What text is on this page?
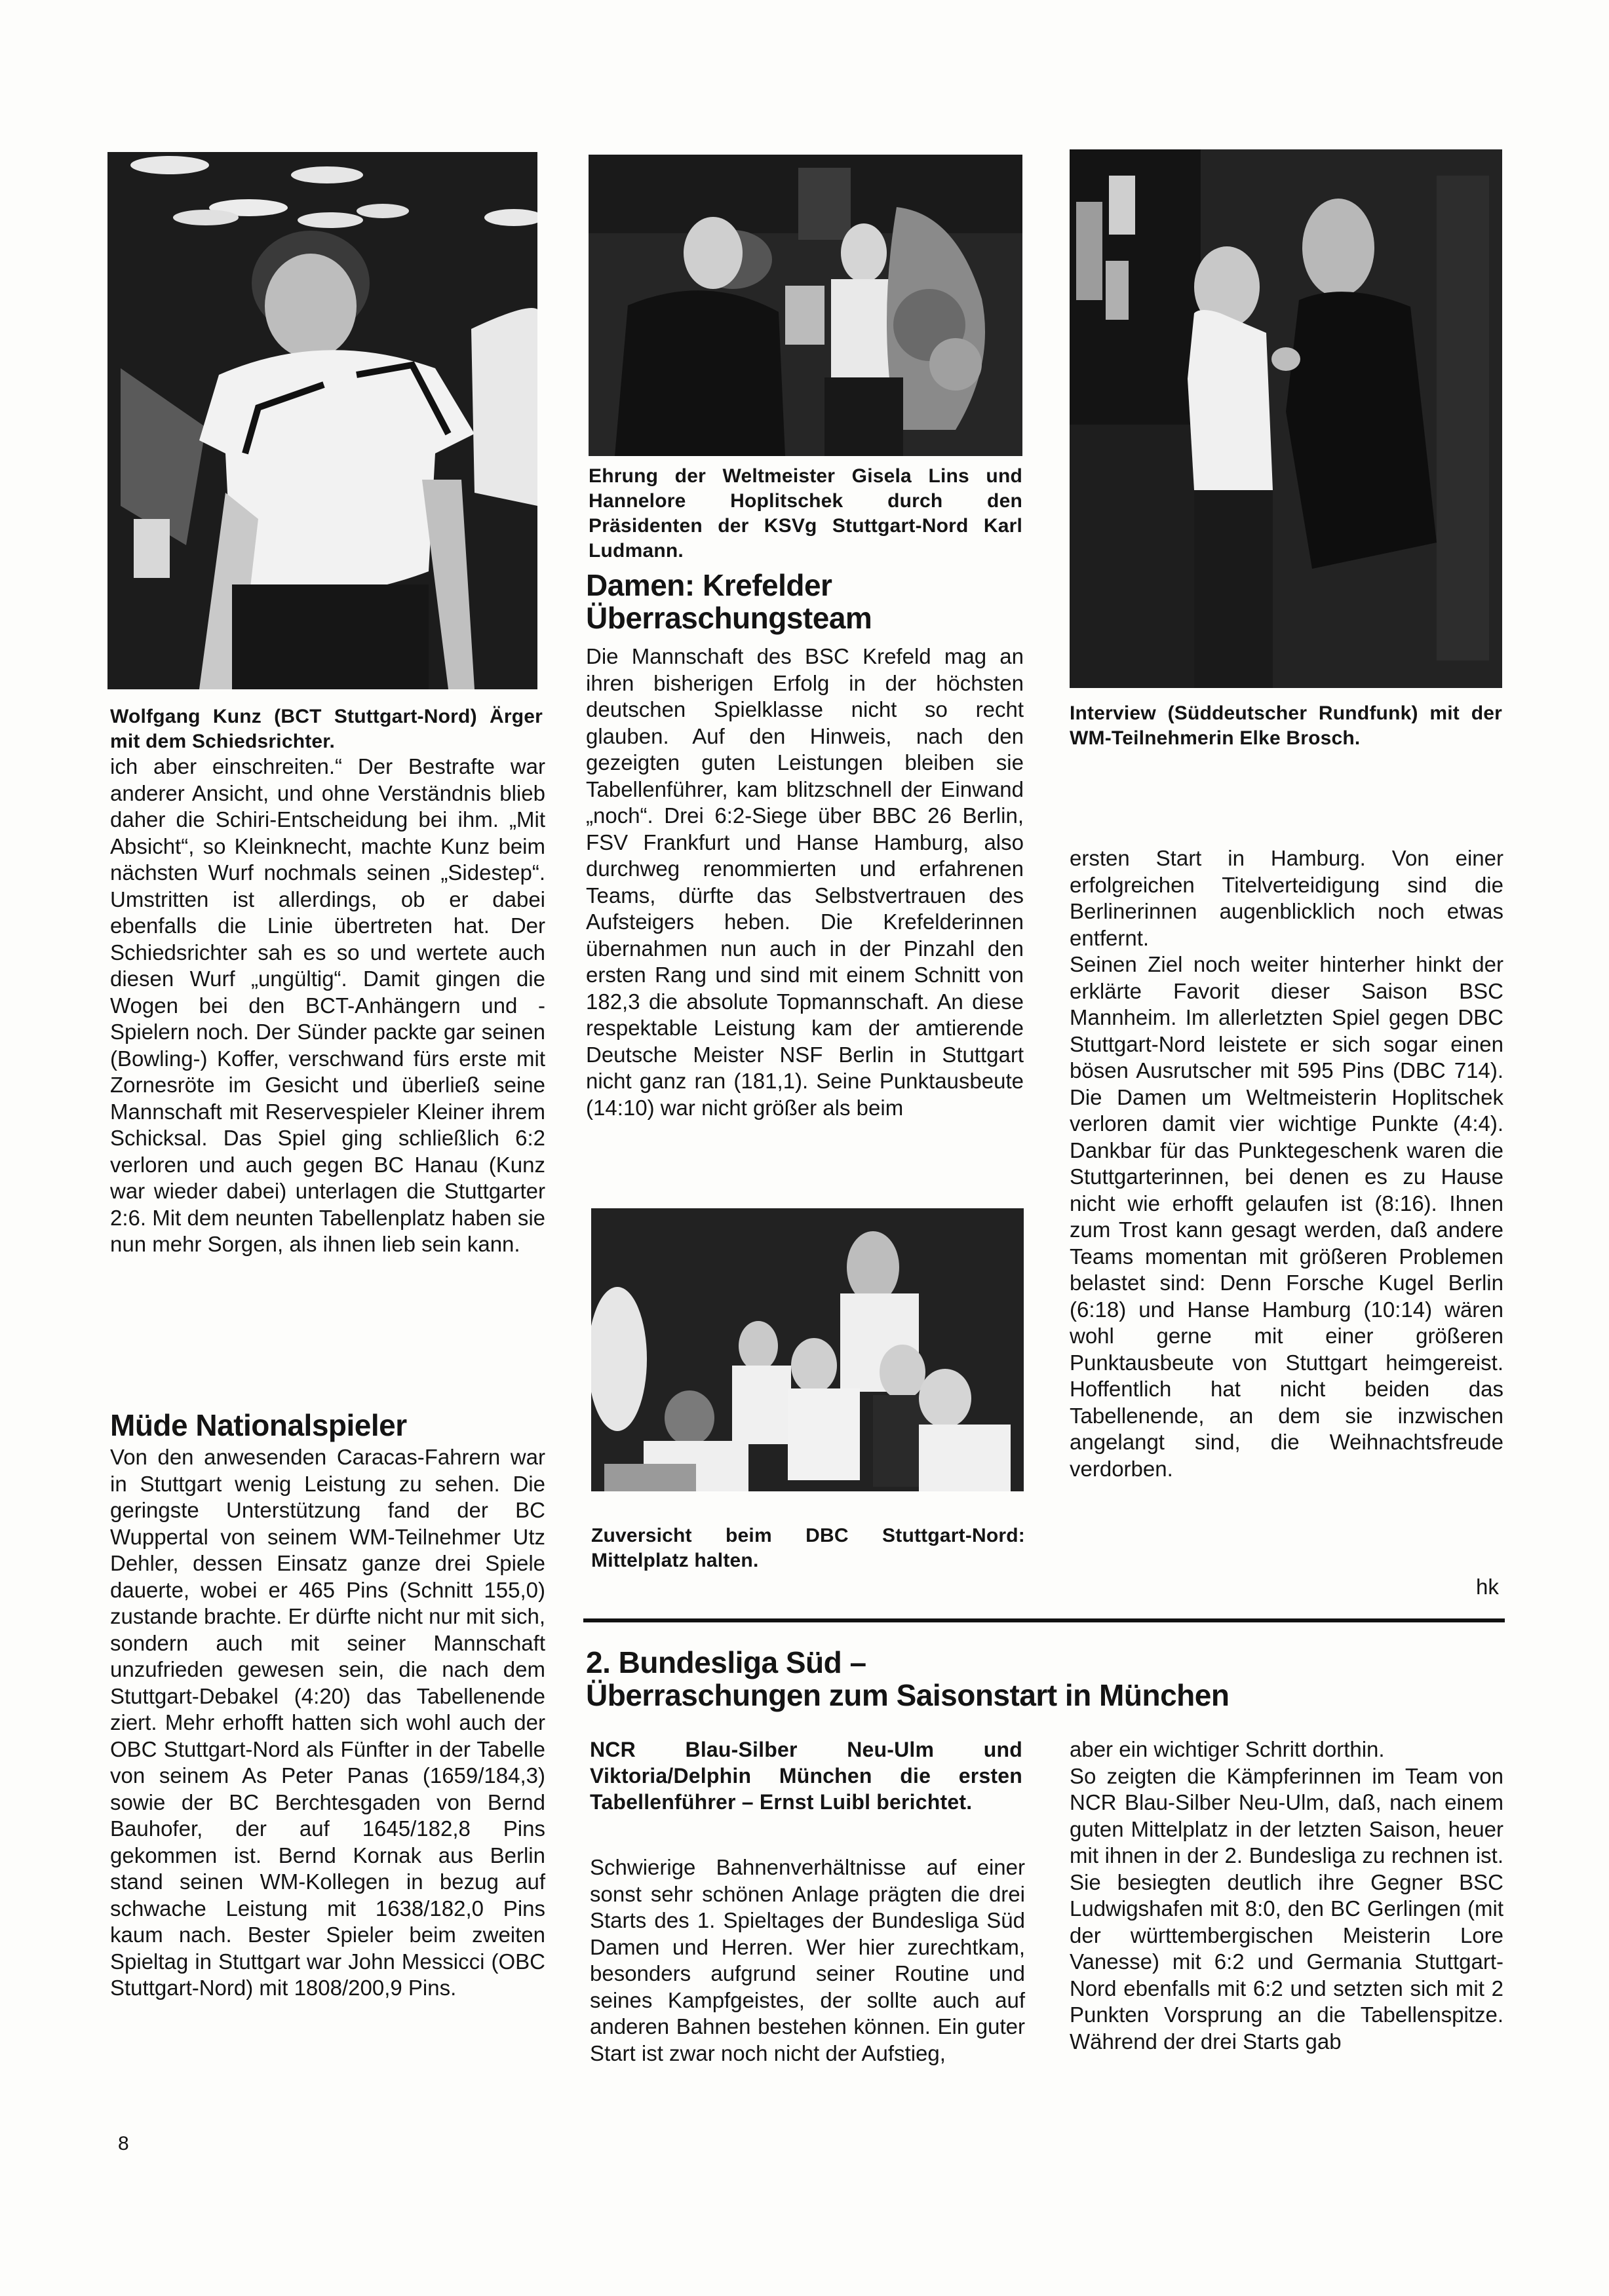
Wolfgang Kunz (BCT Stuttgart-Nord) Ärger mit dem Schiedsrichter.

ich aber einschreiten.“ Der Bestrafte war anderer Ansicht, und ohne Verständnis blieb daher die Schiri-Entscheidung bei ihm. „Mit Absicht“, so Kleinknecht, machte Kunz beim nächsten Wurf nochmals seinen „Sidestep“. Umstritten ist allerdings, ob er dabei ebenfalls die Linie übertreten hat. Der Schiedsrichter sah es so und wertete auch diesen Wurf „ungültig“. Damit gingen die Wogen bei den BCT-Anhängern und -Spielern noch. Der Sünder packte gar seinen (Bowling-) Koffer, verschwand fürs erste mit Zornesröte im Gesicht und überließ seine Mannschaft mit Reservespieler Kleiner ihrem Schicksal. Das Spiel ging schließlich 6:2 verloren und auch gegen BC Hanau (Kunz war wieder dabei) unterlagen die Stuttgarter 2:6. Mit dem neunten Tabellenplatz haben sie nun mehr Sorgen, als ihnen lieb sein kann.

Müde Nationalspieler

Von den anwesenden Caracas-Fahrern war in Stuttgart wenig Leistung zu sehen. Die geringste Unterstützung fand der BC Wuppertal von seinem WM-Teilnehmer Utz Dehler, dessen Einsatz ganze drei Spiele dauerte, wobei er 465 Pins (Schnitt 155,0) zustande brachte. Er dürfte nicht nur mit sich, sondern auch mit seiner Mannschaft unzufrieden gewesen sein, die nach dem Stuttgart-Debakel (4:20) das Tabellenende ziert. Mehr erhofft hatten sich wohl auch der OBC Stuttgart-Nord als Fünfter in der Tabelle von seinem As Peter Panas (1659/184,3) sowie der BC Berchtesgaden von Bernd Bauhofer, der auf 1645/182,8 Pins gekommen ist. Bernd Kornak aus Berlin stand seinen WM-Kollegen in bezug auf schwache Leistung mit 1638/182,0 Pins kaum nach. Bester Spieler beim zweiten Spieltag in Stuttgart war John Messicci (OBC Stuttgart-Nord) mit 1808/200,9 Pins.

8
Ehrung der Weltmeister Gisela Lins und Hannelore Hoplitschek durch den Präsidenten der KSVg Stuttgart-Nord Karl Ludmann.
Damen: Krefelder
Überraschungsteam

Die Mannschaft des BSC Krefeld mag an ihren bisherigen Erfolg in der höchsten deutschen Spielklasse nicht so recht glauben. Auf den Hinweis, nach den gezeigten guten Leistungen bleiben sie Tabellenführer, kam blitzschnell der Einwand „noch“. Drei 6:2-Siege über BBC 26 Berlin, FSV Frankfurt und Hanse Hamburg, also durchweg renommierten und erfahrenen Teams, dürfte das Selbstvertrauen des Aufsteigers heben. Die Krefelderinnen übernahmen nun auch in der Pinzahl den ersten Rang und sind mit einem Schnitt von 182,3 die absolute Topmannschaft. An diese respektable Leistung kam der amtierende Deutsche Meister NSF Berlin in Stuttgart nicht ganz ran (181,1). Seine Punktausbeute (14:10) war nicht größer als beim

Zuversicht beim DBC Stuttgart-Nord: Mittelplatz halten.
Interview (Süddeutscher Rundfunk) mit der WM-Teilnehmerin Elke Brosch.

ersten Start in Hamburg. Von einer erfolgreichen Titelverteidigung sind die Berlinerinnen augenblicklich noch etwas entfernt.

Seinen Ziel noch weiter hinterher hinkt der erklärte Favorit dieser Saison BSC Mannheim. Im allerletzten Spiel gegen DBC Stuttgart-Nord leistete er sich sogar einen bösen Ausrutscher mit 595 Pins (DBC 714). Die Damen um Weltmeisterin Hoplitschek verloren damit vier wichtige Punkte (4:4). Dankbar für das Punktegeschenk waren die Stuttgarterinnen, bei denen es zu Hause nicht wie erhofft gelaufen ist (8:16). Ihnen zum Trost kann gesagt werden, daß andere Teams momentan mit größeren Problemen belastet sind: Denn Forsche Kugel Berlin (6:18) und Hanse Hamburg (10:14) wären wohl gerne mit einer größeren Punktausbeute von Stuttgart heimgereist. Hoffentlich hat nicht beiden das Tabellenende, an dem sie inzwischen angelangt sind, die Weihnachtsfreude verdorben.

hk
2. Bundesliga Süd –
Überraschungen zum Saisonstart in München
NCR Blau-Silber Neu-Ulm und Viktoria/Delphin München die ersten Tabellenführer – Ernst Luibl berichtet.

Schwierige Bahnenverhältnisse auf einer sonst sehr schönen Anlage prägten die drei Starts des 1. Spieltages der Bundesliga Süd Damen und Herren. Wer hier zurechtkam, besonders aufgrund seiner Routine und seines Kampfgeistes, der sollte auch auf anderen Bahnen bestehen können. Ein guter Start ist zwar noch nicht der Aufstieg,

aber ein wichtiger Schritt dorthin.

So zeigten die Kämpferinnen im Team von NCR Blau-Silber Neu-Ulm, daß, nach einem guten Mittelplatz in der letzten Saison, heuer mit ihnen in der 2. Bundesliga zu rechnen ist. Sie besiegten deutlich ihre Gegner BSC Ludwigshafen mit 8:0, den BC Gerlingen (mit der württembergischen Meisterin Lore Vanesse) mit 6:2 und Germania Stuttgart-Nord ebenfalls mit 6:2 und setzten sich mit 2 Punkten Vorsprung an die Tabellenspitze. Während der drei Starts gab
